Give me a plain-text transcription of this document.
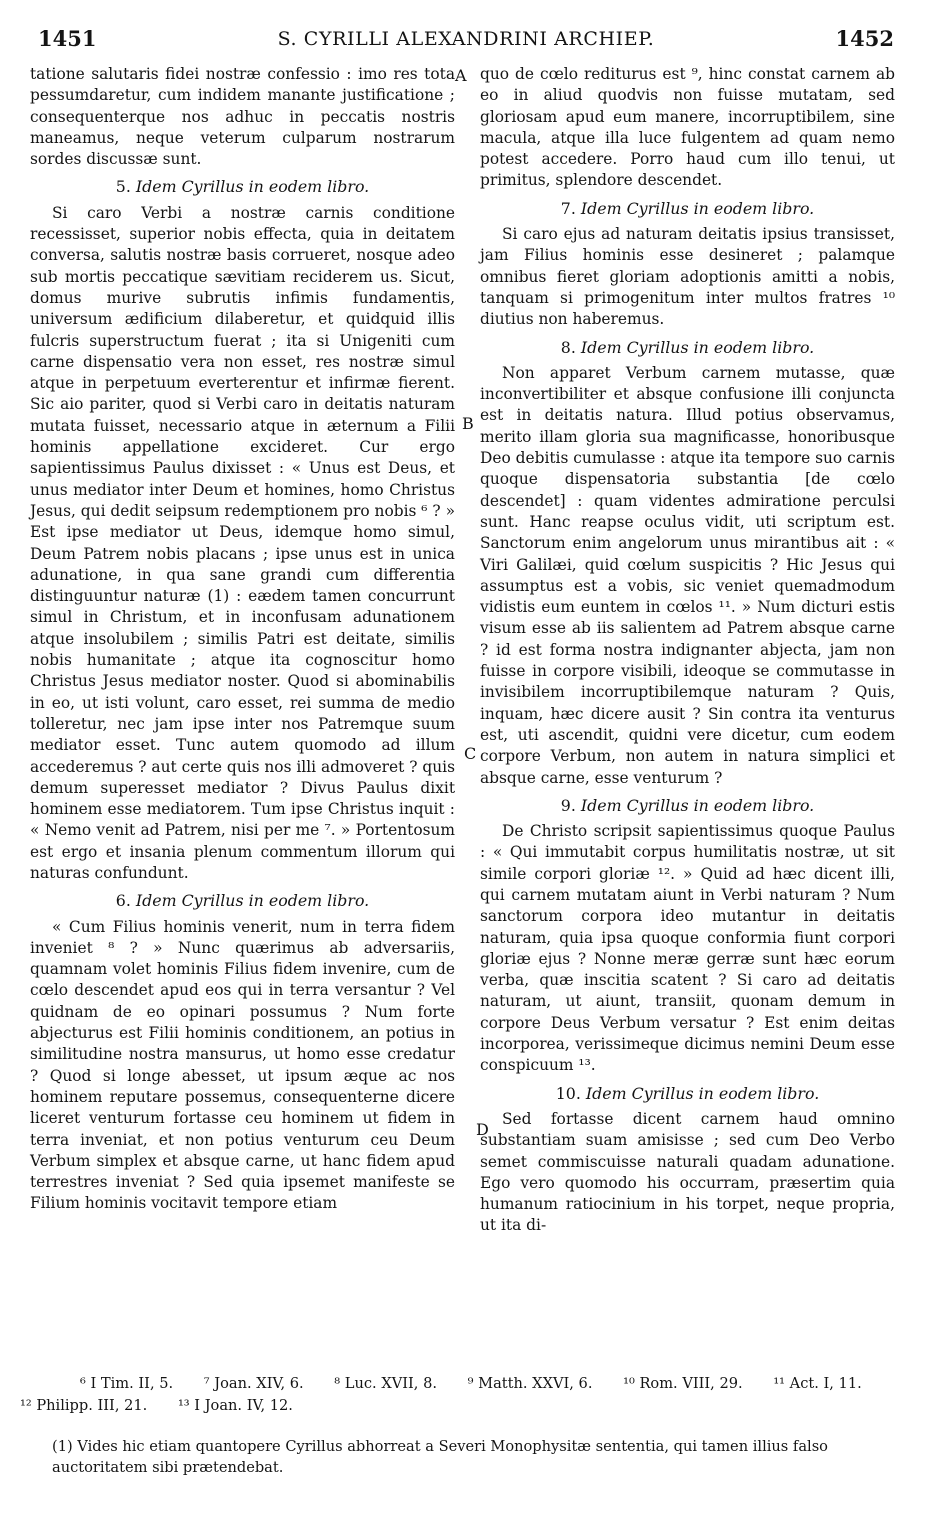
1451	S. CYRILLI ALEXANDRINI ARCHIEP.	1452

tatione salutaris fidei nostræ confessio : imo res tota pessumdaretur, cum indidem manante justificatione ; consequenterque nos adhuc in peccatis nostris maneamus, neque veterum culparum nostrarum sordes discussæ sunt.

5. Idem Cyrillus in eodem libro.

Si caro Verbi a nostræ carnis conditione recessisset, superior nobis effecta, quia in deitatem conversa, salutis nostræ basis corrueret, nosque adeo sub mortis peccatique sævitiam reciderem us. Sicut, domus murive subrutis infimis fundamentis, universum ædificium dilaberetur, et quidquid illis fulcris superstructum fuerat ; ita si Unigeniti cum carne dispensatio vera non esset, res nostræ simul atque in perpetuum everterentur et infirmæ fierent. Sic aio pariter, quod si Verbi caro in deitatis naturam mutata fuisset, necessario atque in æternum a Filii hominis appellatione excideret. Cur ergo sapientissimus Paulus dixisset : « Unus est Deus, et unus mediator inter Deum et homines, homo Christus Jesus, qui dedit seipsum redemptionem pro nobis ⁶ ? » Est ipse mediator ut Deus, idemque homo simul, Deum Patrem nobis placans ; ipse unus est in unica adunatione, in qua sane grandi cum differentia distinguuntur naturæ (1) : eædem tamen concurrunt simul in Christum, et in inconfusam adunationem atque insolubilem ; similis Patri est deitate, similis nobis humanitate ; atque ita cognoscitur homo Christus Jesus mediator noster. Quod si abominabilis in eo, ut isti volunt, caro esset, rei summa de medio tolleretur, nec jam ipse inter nos Patremque suum mediator esset. Tunc autem quomodo ad illum accederemus ? aut certe quis nos illi admoveret ? quis demum superesset mediator ? Divus Paulus dixit hominem esse mediatorem. Tum ipse Christus inquit : « Nemo venit ad Patrem, nisi per me ⁷. » Portentosum est ergo et insania plenum commentum illorum qui naturas confundunt.

6. Idem Cyrillus in eodem libro.

« Cum Filius hominis venerit, num in terra fidem inveniet ⁸ ? » Nunc quærimus ab adversariis, quamnam volet hominis Filius fidem invenire, cum de cœlo descendet apud eos qui in terra versantur ? Vel quidnam de eo opinari possumus ? Num forte abjecturus est Filii hominis conditionem, an potius in similitudine nostra mansurus, ut homo esse credatur ? Quod si longe abesset, ut ipsum æque ac nos hominem reputare possemus, consequenterne dicere liceret venturum fortasse ceu hominem ut fidem in terra inveniat, et non potius venturum ceu Deum Verbum simplex et absque carne, ut hanc fidem apud terrestres inveniat ? Sed quia ipsemet manifeste se Filium hominis vocitavit tempore etiam

quo de cœlo rediturus est ⁹, hinc constat carnem ab eo in aliud quodvis non fuisse mutatam, sed gloriosam apud eum manere, incorruptibilem, sine macula, atque illa luce fulgentem ad quam nemo potest accedere. Porro haud cum illo tenui, ut primitus, splendore descendet.

7. Idem Cyrillus in eodem libro.

Si caro ejus ad naturam deitatis ipsius transisset, jam Filius hominis esse desineret ; palamque omnibus fieret gloriam adoptionis amitti a nobis, tanquam si primogenitum inter multos fratres ¹⁰ diutius non haberemus.

8. Idem Cyrillus in eodem libro.

Non apparet Verbum carnem mutasse, quæ inconvertibiliter et absque confusione illi conjuncta est in deitatis natura. Illud potius observamus, merito illam gloria sua magnificasse, honoribusque Deo debitis cumulasse : atque ita tempore suo carnis quoque dispensatoria substantia [de cœlo descendet] : quam videntes admiratione perculsi sunt. Hanc reapse oculus vidit, uti scriptum est. Sanctorum enim angelorum unus mirantibus ait : « Viri Galilæi, quid cœlum suspicitis ? Hic Jesus qui assumptus est a vobis, sic veniet quemadmodum vidistis eum euntem in cœlos ¹¹. » Num dicturi estis visum esse ab iis salientem ad Patrem absque carne ? id est forma nostra indignanter abjecta, jam non fuisse in corpore visibili, ideoque se commutasse in invisibilem incorruptibilemque naturam ? Quis, inquam, hæc dicere ausit ? Sin contra ita venturus est, uti ascendit, quidni vere dicetur, cum eodem corpore Verbum, non autem in natura simplici et absque carne, esse venturum ?

9. Idem Cyrillus in eodem libro.

De Christo scripsit sapientissimus quoque Paulus : « Qui immutabit corpus humilitatis nostræ, ut sit simile corpori gloriæ ¹². » Quid ad hæc dicent illi, qui carnem mutatam aiunt in Verbi naturam ? Num sanctorum corpora ideo mutantur in deitatis naturam, quia ipsa quoque conformia fiunt corpori gloriæ ejus ? Nonne meræ gerræ sunt hæc eorum verba, quæ inscitia scatent ? Si caro ad deitatis naturam, ut aiunt, transiit, quonam demum in corpore Deus Verbum versatur ? Est enim deitas incorporea, verissimeque dicimus nemini Deum esse conspicuum ¹³.

10. Idem Cyrillus in eodem libro.

Sed fortasse dicent carnem haud omnino substantiam suam amisisse ; sed cum Deo Verbo semet commiscuisse naturali quadam adunatione. Ego vero quomodo his occurram, præsertim quia humanum ratiocinium in his torpet, neque propria, ut ita di-

A
B
C
D
⁶ I Tim. II, 5. ⁷ Joan. XIV, 6. ⁸ Luc. XVII, 8. ⁹ Matth. XXVI, 6. ¹⁰ Rom. VIII, 29. ¹¹ Act. I, 11.
¹² Philipp. III, 21. ¹³ I Joan. IV, 12.
(1) Vides hic etiam quantopere Cyrillus abhorreat a Severi Monophysitæ sententia, qui tamen illius falso auctoritatem sibi prætendebat.
